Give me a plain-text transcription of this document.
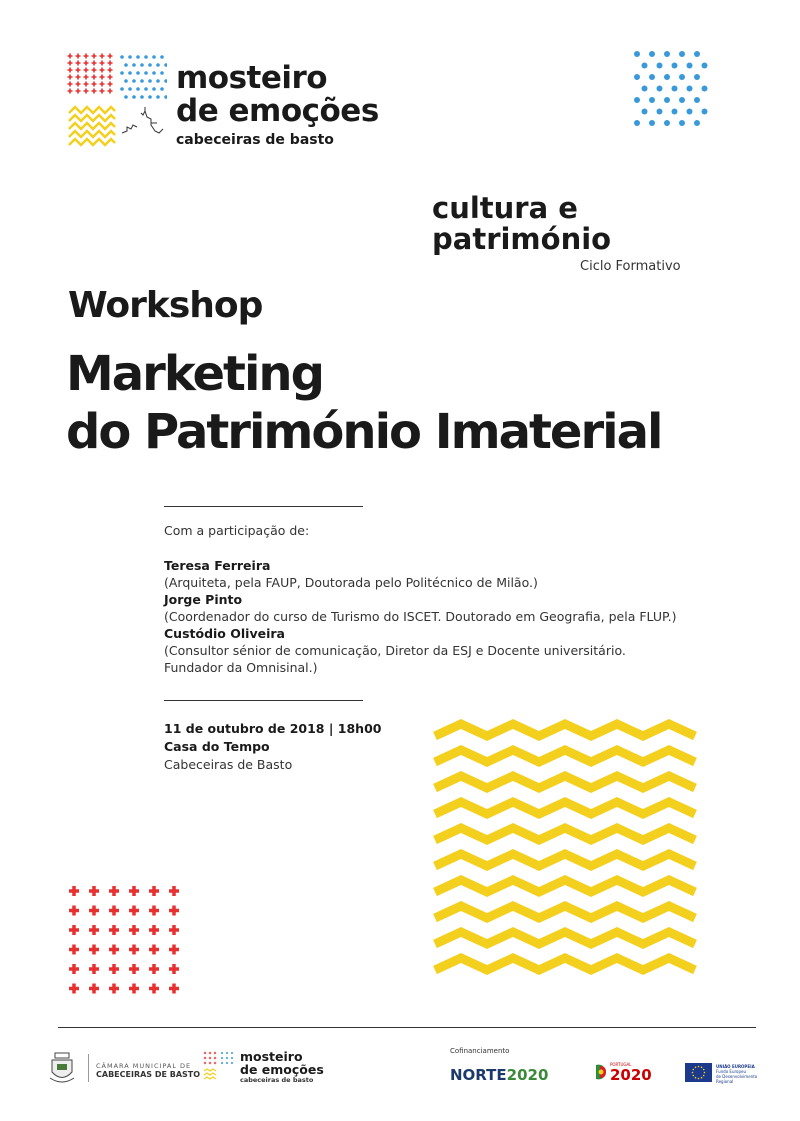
mosteiro
de emoções
cabeceiras de basto
cultura e
património
Ciclo Formativo
Workshop
Marketing
do Património Imaterial
Com a participação de:
Teresa Ferreira
(Arquiteta, pela FAUP, Doutorada pelo Politécnico de Milão.)
Jorge Pinto
(Coordenador do curso de Turismo do ISCET. Doutorado em Geografia, pela FLUP.)
Custódio Oliveira
(Consultor sénior de comunicação, Diretor da ESJ e Docente universitário.
Fundador da Omnisinal.)
11 de outubro de 2018 | 18h00
Casa do Tempo
Cabeceiras de Basto
CÂMARA MUNICIPAL DE
CABECEIRAS DE BASTO
mosteiro
de emoções
cabeceiras de basto
Cofinanciamento
NORTE2020
PORTUGAL
2020	UNIÃO EUROPEIA
Fundo Europeu
de Desenvolvimento Regional
